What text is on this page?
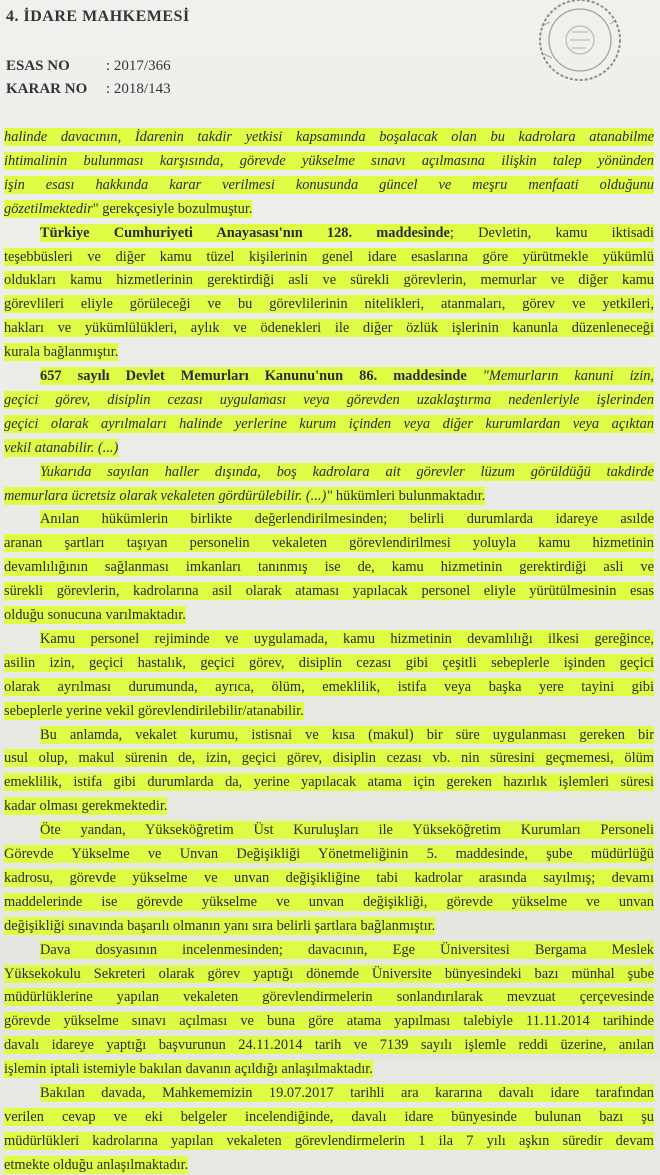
4. İDARE MAHKEMESİ
ESAS NO : 2017/366
KARAR NO : 2018/143
halinde davacının, İdarenin takdir yetkisi kapsamında boşalacak olan bu kadrolara atanabilme
ihtimalinin bulunması karşısında, görevde yükselme sınavı açılmasına ilişkin talep yönünden
işin esası hakkında karar verilmesi konusunda güncel ve meşru menfaati olduğunu
gözetilmektedir" gerekçesiyle bozulmuştur.
Türkiye Cumhuriyeti Anayasası'nın 128. maddesinde; Devletin, kamu iktisadi
teşebbüsleri ve diğer kamu tüzel kişilerinin genel idare esaslarına göre yürütmekle yükümlü
oldukları kamu hizmetlerinin gerektirdiği asli ve sürekli görevlerin, memurlar ve diğer kamu
görevlileri eliyle görüleceği ve bu görevlilerinin nitelikleri, atanmaları, görev ve yetkileri,
hakları ve yükümlülükleri, aylık ve ödenekleri ile diğer özlük işlerinin kanunla düzenleneceği
kurala bağlanmıştır.
657 sayılı Devlet Memurları Kanunu'nun 86. maddesinde "Memurların kanuni izin,
geçici görev, disiplin cezası uygulaması veya görevden uzaklaştırma nedenleriyle işlerinden
geçici olarak ayrılmaları halinde yerlerine kurum içinden veya diğer kurumlardan veya açıktan
vekil atanabilir. (...)
Yukarıda sayılan haller dışında, boş kadrolara ait görevler lüzum görüldüğü takdirde
memurlara ücretsiz olarak vekaleten gördürülebilir. (...)" hükümleri bulunmaktadır.
Anılan hükümlerin birlikte değerlendirilmesinden; belirli durumlarda idareye asılde
aranan şartları taşıyan personelin vekaleten görevlendirilmesi yoluyla kamu hizmetinin
devamlılığının sağlanması imkanları tanınmış ise de, kamu hizmetinin gerektirdiği asli ve
sürekli görevlerin, kadrolarına asil olarak ataması yapılacak personel eliyle yürütülmesinin esas
olduğu sonucuna varılmaktadır.
Kamu personel rejiminde ve uygulamada, kamu hizmetinin devamlılığı ilkesi gereğince,
asilin izin, geçici hastalık, geçici görev, disiplin cezası gibi çeşitli sebeplerle işinden geçici
olarak ayrılması durumunda, ayrıca, ölüm, emeklilik, istifa veya başka yere tayini gibi
sebeplerle yerine vekil görevlendirilebilir/atanabilir.
Bu anlamda, vekalet kurumu, istisnai ve kısa (makul) bir süre uygulanması gereken bir
usul olup, makul sürenin de, izin, geçici görev, disiplin cezası vb. nin süresini geçmemesi, ölüm
emeklilik, istifa gibi durumlarda da, yerine yapılacak atama için gereken hazırlık işlemleri süresi
kadar olması gerekmektedir.
Öte yandan, Yükseköğretim Üst Kuruluşları ile Yükseköğretim Kurumları Personeli
Görevde Yükselme ve Unvan Değişikliği Yönetmeliğinin 5. maddesinde, şube müdürlüğü
kadrosu, görevde yükselme ve unvan değişikliğine tabi kadrolar arasında sayılmış; devamı
maddelerinde ise görevde yükselme ve unvan değişikliği, görevde yükselme ve unvan
değişikliği sınavında başarılı olmanın yanı sıra belirli şartlara bağlanmıştır.
Dava dosyasının incelenmesinden; davacının, Ege Üniversitesi Bergama Meslek
Yüksekokulu Sekreteri olarak görev yaptığı dönemde Üniversite bünyesindeki bazı münhal şube
müdürlüklerine yapılan vekaleten görevlendirmelerin sonlandırılarak mevzuat çerçevesinde
görevde yükselme sınavı açılması ve buna göre atama yapılması talebiyle 11.11.2014 tarihinde
davalı idareye yaptığı başvurunun 24.11.2014 tarih ve 7139 sayılı işlemle reddi üzerine, anılan
işlemin iptali istemiyle bakılan davanın açıldığı anlaşılmaktadır.
Bakılan davada, Mahkememizin 19.07.2017 tarihli ara kararına davalı idare tarafından
verilen cevap ve eki belgeler incelendiğinde, davalı idare bünyesinde bulunan bazı şu
müdürlükleri kadrolarına yapılan vekaleten görevlendirmelerin 1 ila 7 yılı aşkın süredir devam
etmekte olduğu anlaşılmaktadır.
